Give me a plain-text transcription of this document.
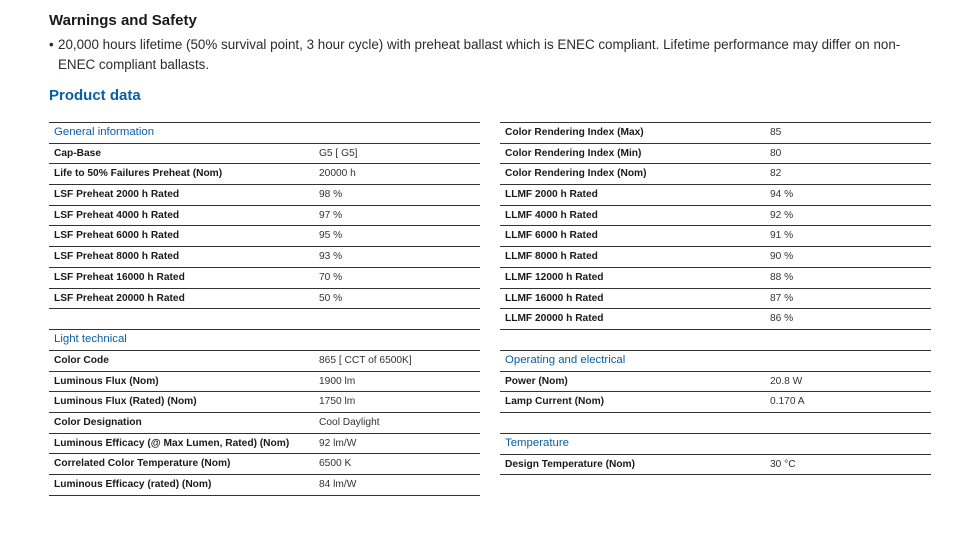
Warnings and Safety
• 20,000 hours lifetime (50% survival point, 3 hour cycle) with preheat ballast which is ENEC compliant. Lifetime performance may differ on non-ENEC compliant ballasts.
Product data
General information
Cap-Base	G5 [ G5]
Life to 50% Failures Preheat (Nom)	20000 h
LSF Preheat 2000 h Rated	98 %
LSF Preheat 4000 h Rated	97 %
LSF Preheat 6000 h Rated	95 %
LSF Preheat 8000 h Rated	93 %
LSF Preheat 16000 h Rated	70 %
LSF Preheat 20000 h Rated	50 %
Light technical
Color Code	865 [ CCT of 6500K]
Luminous Flux (Nom)	1900 lm
Luminous Flux (Rated) (Nom)	1750 lm
Color Designation	Cool Daylight
Luminous Efficacy (@ Max Lumen, Rated) (Nom)	92 lm/W
Correlated Color Temperature (Nom)	6500 K
Luminous Efficacy (rated) (Nom)	84 lm/W
Color Rendering Index (Max)	85
Color Rendering Index (Min)	80
Color Rendering Index (Nom)	82
LLMF 2000 h Rated	94 %
LLMF 4000 h Rated	92 %
LLMF 6000 h Rated	91 %
LLMF 8000 h Rated	90 %
LLMF 12000 h Rated	88 %
LLMF 16000 h Rated	87 %
LLMF 20000 h Rated	86 %
Operating and electrical
Power (Nom)	20.8 W
Lamp Current (Nom)	0.170 A
Temperature
Design Temperature (Nom)	30 °C
